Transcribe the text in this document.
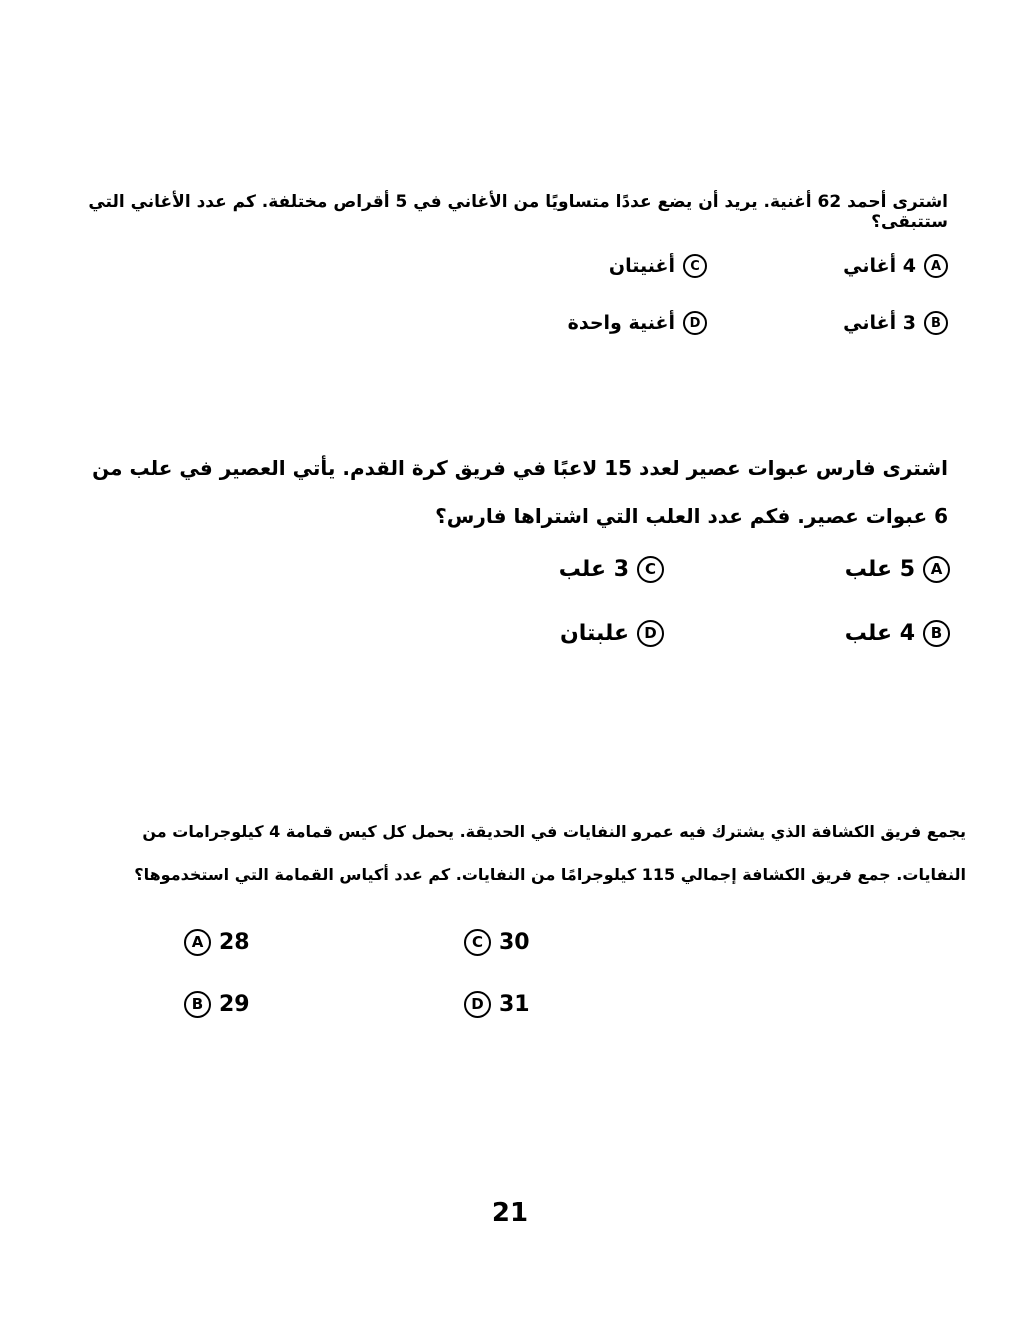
اشترى أحمد 62 أغنية. يريد أن يضع عددًا متساويًا من الأغاني في 5 أقراص مختلفة. كم عدد الأغاني التي ستتبقى؟
A
4 أغاني
B
3 أغاني
C
أغنيتان
D
أغنية واحدة
اشترى فارس عبوات عصير لعدد 15 لاعبًا في فريق كرة القدم. يأتي العصير في علب من
6 عبوات عصير. فكم عدد العلب التي اشتراها فارس؟
A
5 علب
B
4 علب
C
3 علب
D
علبتان
يجمع فريق الكشافة الذي يشترك فيه عمرو النفايات في الحديقة. يحمل كل كيس قمامة 4 كيلوجرامات من
النفايات. جمع فريق الكشافة إجمالي 115 كيلوجرامًا من النفايات. كم عدد أكياس القمامة التي استخدموها؟
A 28
B 29
C 30
D 31
21
